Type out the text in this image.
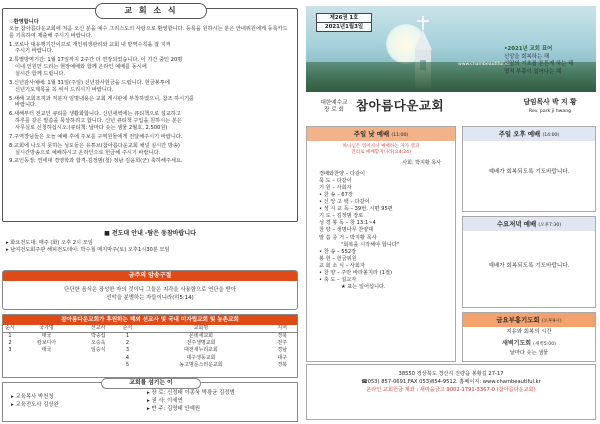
교 회 소 식
♡환영합니다
오늘 참아름다운교회에 처음 오신 분을 예수 그리스도의 사랑으로 환영합니다. 등록을 원하시는 분은 안내위원에게 등록카드를 기록하여 제출해 주시기 바랍니다.
1.코로나 대유행기간이므로 개인위생관리와 교회 내 방역수칙을 잘 지켜
주시기 바랍니다.
2.특별방역기간: 1월 17일까지 2주간 더 연장되었습니다. 이 기간 중인 20명
이내 인원만 드리는 현장예배와 함께 온라인 예배를 동시에
실시간 함께 드립니다.
3.신년감사예배: 1월 31일(주일) 신년감사헌금을 드립니다. 헌금봉투에
신년기도제목을 꼭 써서 드리시기 바랍니다.
5.새해 교회조직과 직분자 임명내용은 교회 게시판에 부착하였으니, 참조 하시기를
바랍니다.
6.새해부터 전교인 큐티를 생활화합니다. 신년새벽에는 큐티책으로 설교하고
하루를 같은 말씀을 묵상하려고 합니다. 신년 큐티책 구입을 원하시는 분은
사무실로 신청하십시오.(큐티책: 날마다 솟는 샘물 2월호, 2,500원)
7.구역장님들은 오늘 예배 후에 주보를 구역원들에게 전달해주시기 바랍니다.
8.교회에 나오지 못하는 성도들은 유튜브(참아름다운교회 채널 실시간 방송)
실시간방송으로 예배하시고 온라인으로 헌금해 주시기 바랍니다.
9.교인동정: 연세대 경영학과 합격-김정범(청) 정남 김윤희(군) 축하해주세요.
■ 전도대 안내 -탐은 동참바랍니다
▸ 화요전도대: 매주 (화) 오후 2시 모임
▸ 남여전도회주관 해피전도테이: 박수철 매지막주(토) 오후1시30분 모임
금주의 암송구절
단단한 음식은 장성한 자의 것이니 그들은 지각을 사용함으로 연단을 받아
선악을 분별하는 자들이니라(히5:14)
참아름다운교회가 후원하는 해외 선교사 및 국내 미자립교회 및 농촌교회
순서	국가명	선교사	순서	교회명	지역
1	태국	박종섭	1	몬테세교회	경북
2	캄보디아	오승욱	2	전주생명교회	전주
3	태국	임승식	3	대전새누리교회	경남
			4	대구생동교회	대구
			5	농고명문스러운교회	경북
교회를 섬기는 이
▸ 교육목사 박천청
▸ 교육전도사 김상완
▸ 장 로: 신정태 이종욱 박광균 김정범
▸ 권 사: 이세연
▸ 반 주: 김영태 안예원
제26권 1호
2021년1월3일
www.chambeautiful.kr
•2021년 교회 표어
신앙을 회복하는 해
신앙의 기초를 튼튼케 하는 해
영적 부흥이 일어나는 해
대한예수교
장 로 회 참아름다운교회	담임목사 박 지 황
Rev. park ji hwang
주일 낮 예배 (11:00)
하나님은 영이시니 예배하는 자가 영과
진리로 예배할지니라(요4:24)
사회: 박지황 목사
경배와찬양 – 다같이
묵 도 – 다같이
기 원 – 사회자
• 찬 송 – 67장
• 신 앙 고 백 – 다같이
• 성 시 교 독 – 39번. 시편 95편
기 도 – 김정범 장로
성 경 봉 독 – 창 13:1~4
찬 양 – 생명나무 찬양대
말 씀 증 거 – 박지황 목사
"회복을 시작해야 합니다"
• 찬 송 – 552장
봉 헌 – 헌금위원
교 회 소 식 – 사회자
• 찬 양 – 주만 바라볼지라 (1절)
• 축 도 – 설교자
★ 표는 일어섭니다.
주일 오후 예배 (14:00)
예배가 회복되도록 기도바랍니다.
수요저녁 예배 (오후7:30)
예배가 회복되도록 기도바랍니다.
금요부흥기도회 (오후9시)
지유와 회복의 시간
새벽기도회 (새벽5:00)
날마다 솟는 샘물
38550 경상북도 경산시 진량읍 봉황길 27-17
☎053) 857-0691,FAX 053)854-9512. 홈페이지: www.chambeautiful.kr
온라인 교회헌금 계좌 : 새마을금고 9002-1791-3367-0 (참아름다운교회)
